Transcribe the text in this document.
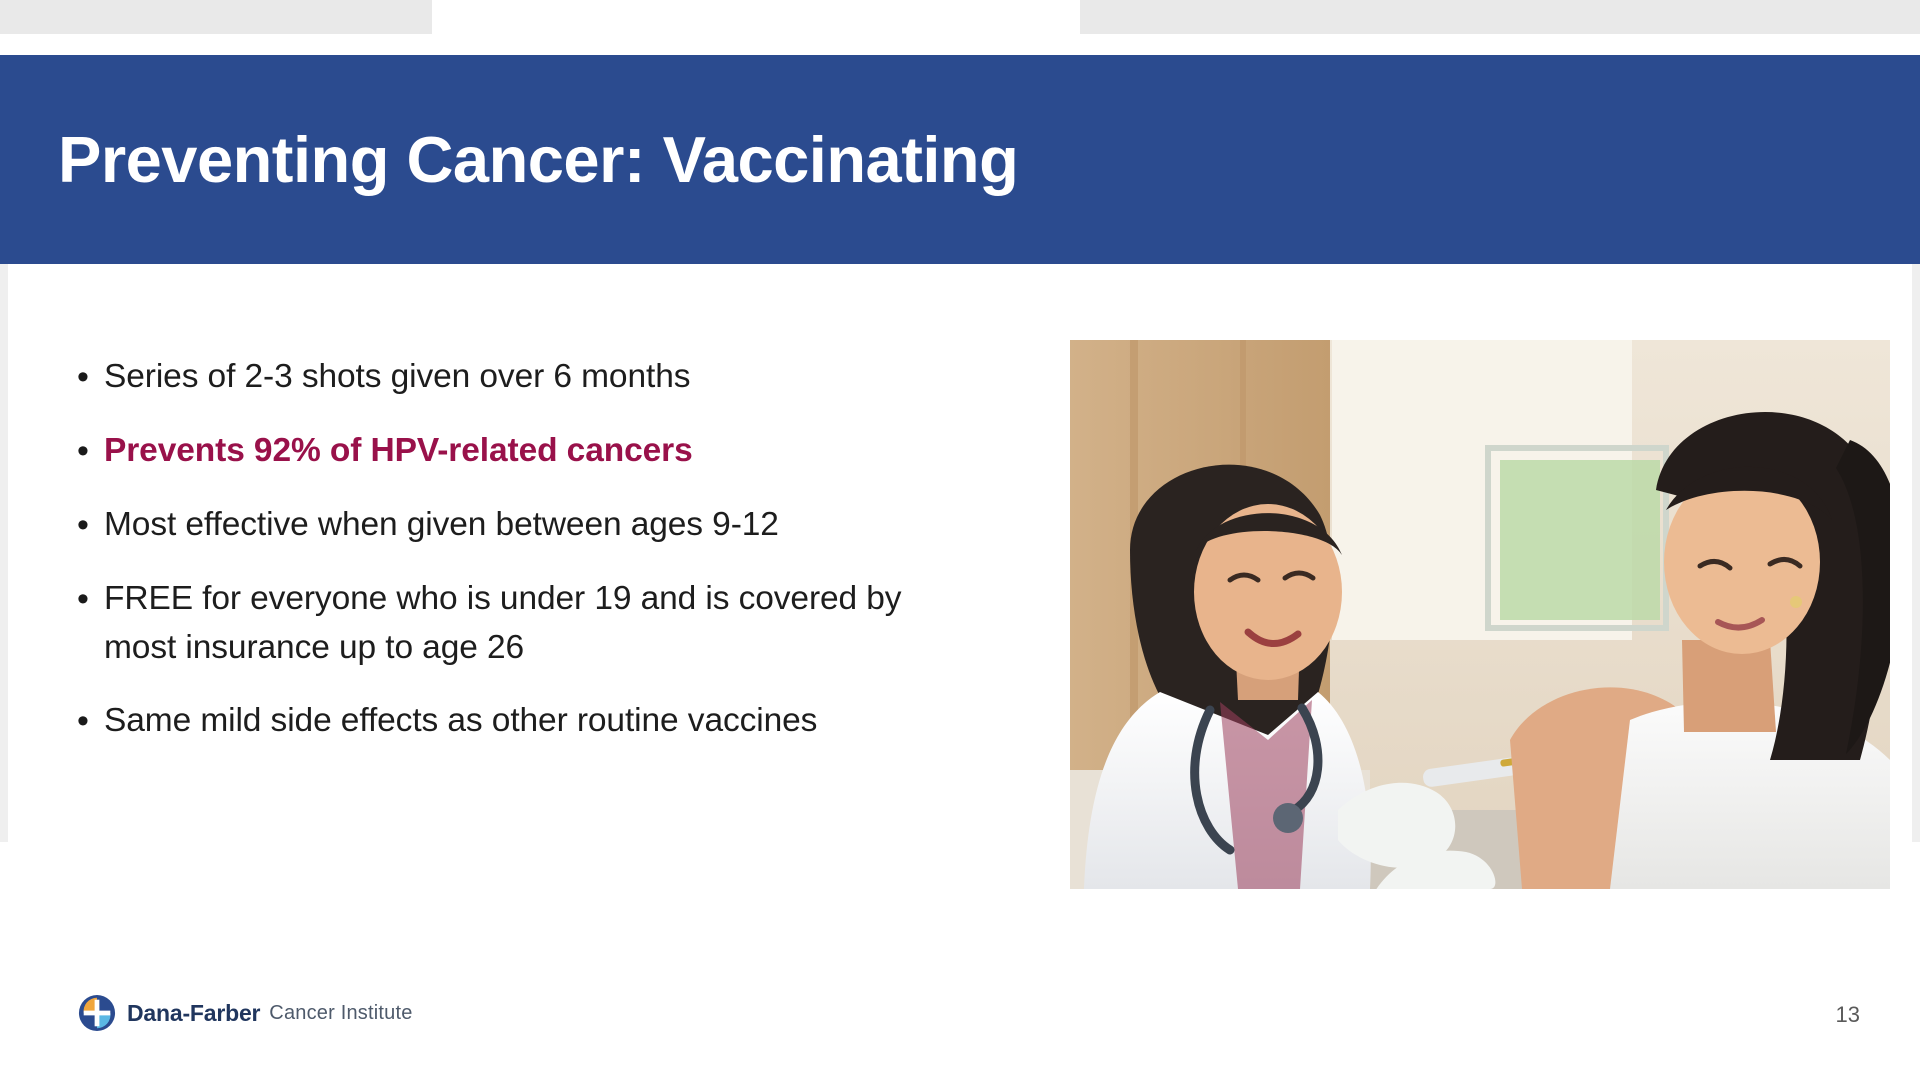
Preventing Cancer: Vaccinating
• Series of 2-3 shots given over 6 months
• Prevents 92% of HPV-related cancers
• Most effective when given between ages 9-12
• FREE for everyone who is under 19 and is covered by most insurance up to age 26
• Same mild side effects as other routine vaccines
Dana-Farber Cancer Institute	13
